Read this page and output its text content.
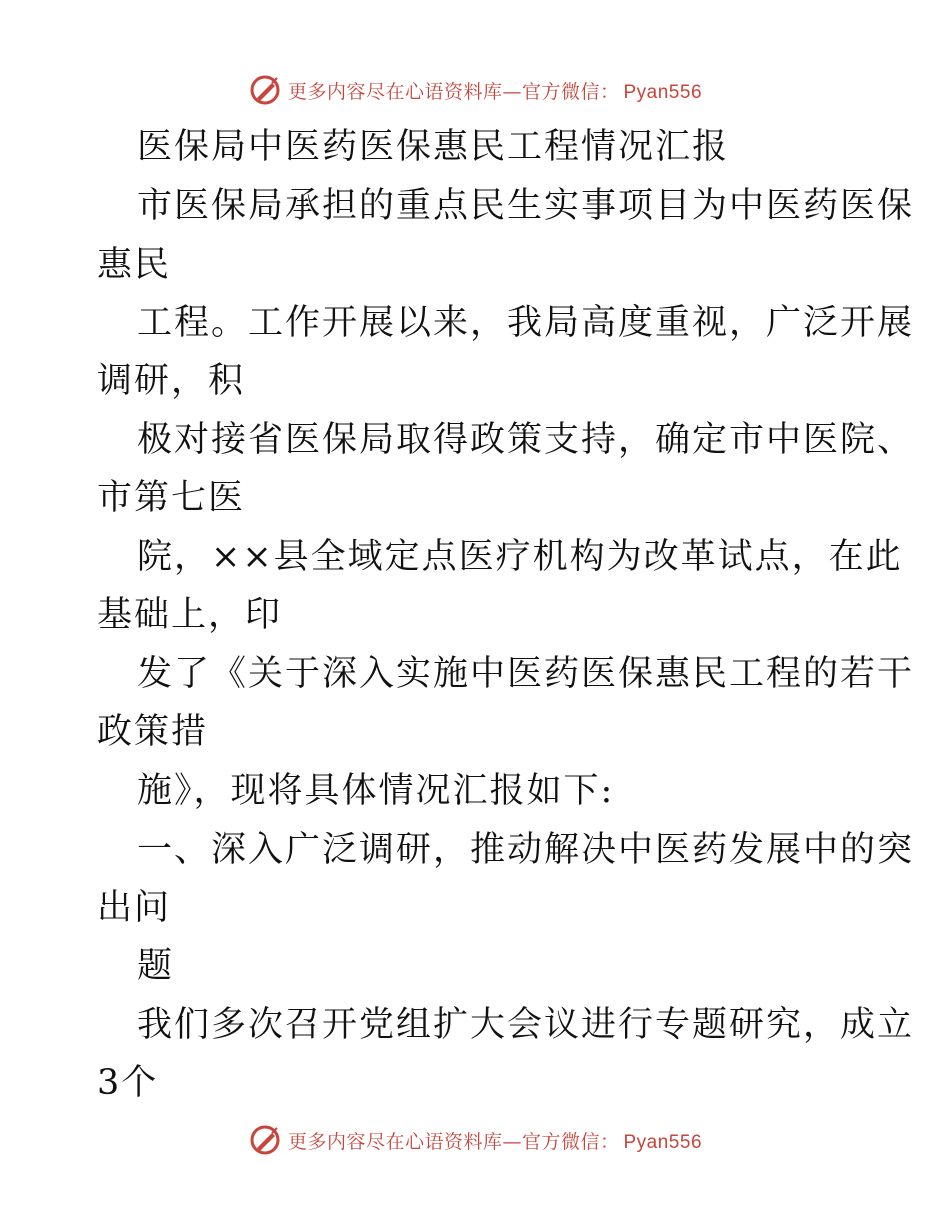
更多内容尽在心语资料库—官方微信： Pyan556
医保局中医药医保惠民工程情况汇报
市医保局承担的重点民生实事项目为中医药医保
惠民
工程。工作开展以来，我局高度重视，广泛开展
调研，积
极对接省医保局取得政策支持，确定市中医院、
市第七医
院，××县全域定点医疗机构为改革试点，在此
基础上，印
发了《关于深入实施中医药医保惠民工程的若干
政策措
施》，现将具体情况汇报如下:
一、深入广泛调研，推动解决中医药发展中的突
出问
题
我们多次召开党组扩大会议进行专题研究，成立
3个
更多内容尽在心语资料库—官方微信： Pyan556
